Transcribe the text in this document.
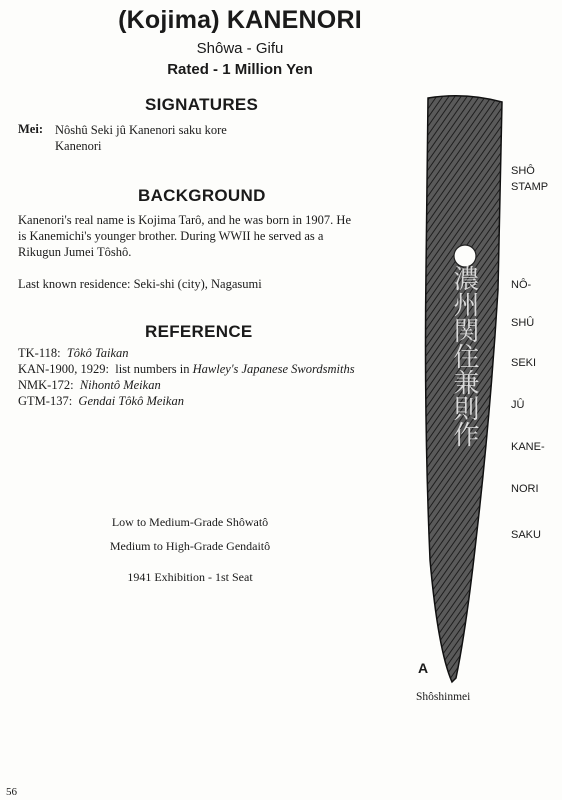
(Kojima) KANENORI
Shôwa - Gifu
Rated - 1 Million Yen
SIGNATURES
Mei: Nôshû Seki jû Kanenori saku kore
Kanenori
BACKGROUND
Kanenori's real name is Kojima Tarô, and he was born in 1907. He
is Kanemichi's younger brother. During WWII he served as a
Rikugun Jumei Tôshô.
Last known residence: Seki-shi (city), Nagasumi
REFERENCE
TK-118: Tôkô Taikan
KAN-1900, 1929: list numbers in Hawley's Japanese Swordsmiths
NMK-172: Nihontô Meikan
GTM-137: Gendai Tôkô Meikan
Low to Medium-Grade Shôwatô
Medium to High-Grade Gendaitô
1941 Exhibition - 1st Seat
濃州関住兼則作
SHÔ
STAMP
NÔ-
SHÛ
SEKI
JÛ
KANE-
NORI
SAKU
A
Shôshinmei
56
